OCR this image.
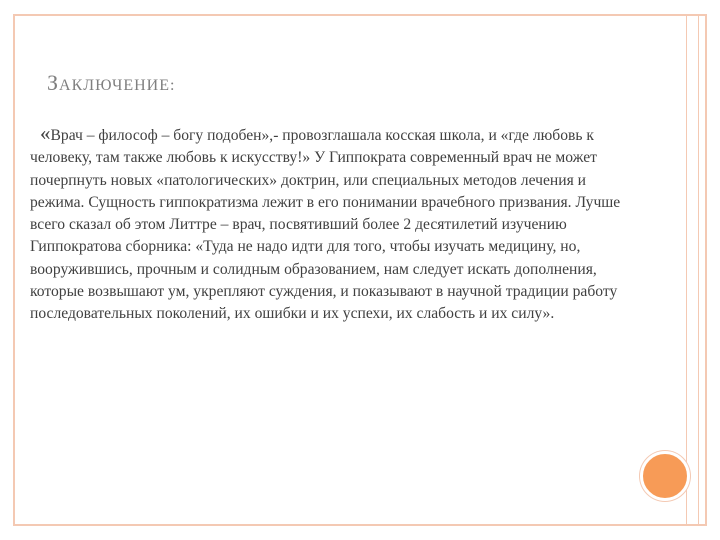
ЗАКЛЮЧЕНИЕ:
«Врач – философ – богу подобен»,- провозглашала косская школа, и «где любовь к
человеку, там также любовь к искусству!» У Гиппократа современный врач не может
почерпнуть новых «патологических» доктрин, или специальных методов лечения и
режима. Сущность гиппократизма лежит в его понимании врачебного призвания. Лучше
всего сказал об этом Литтре – врач, посвятивший более 2 десятилетий изучению
Гиппократова сборника: «Туда не надо идти для того, чтобы изучать медицину, но,
вооружившись, прочным и солидным образованием, нам следует искать дополнения,
которые возвышают ум, укрепляют суждения, и показывают в научной традиции работу
последовательных поколений, их ошибки и их успехи, их слабость и их силу».
